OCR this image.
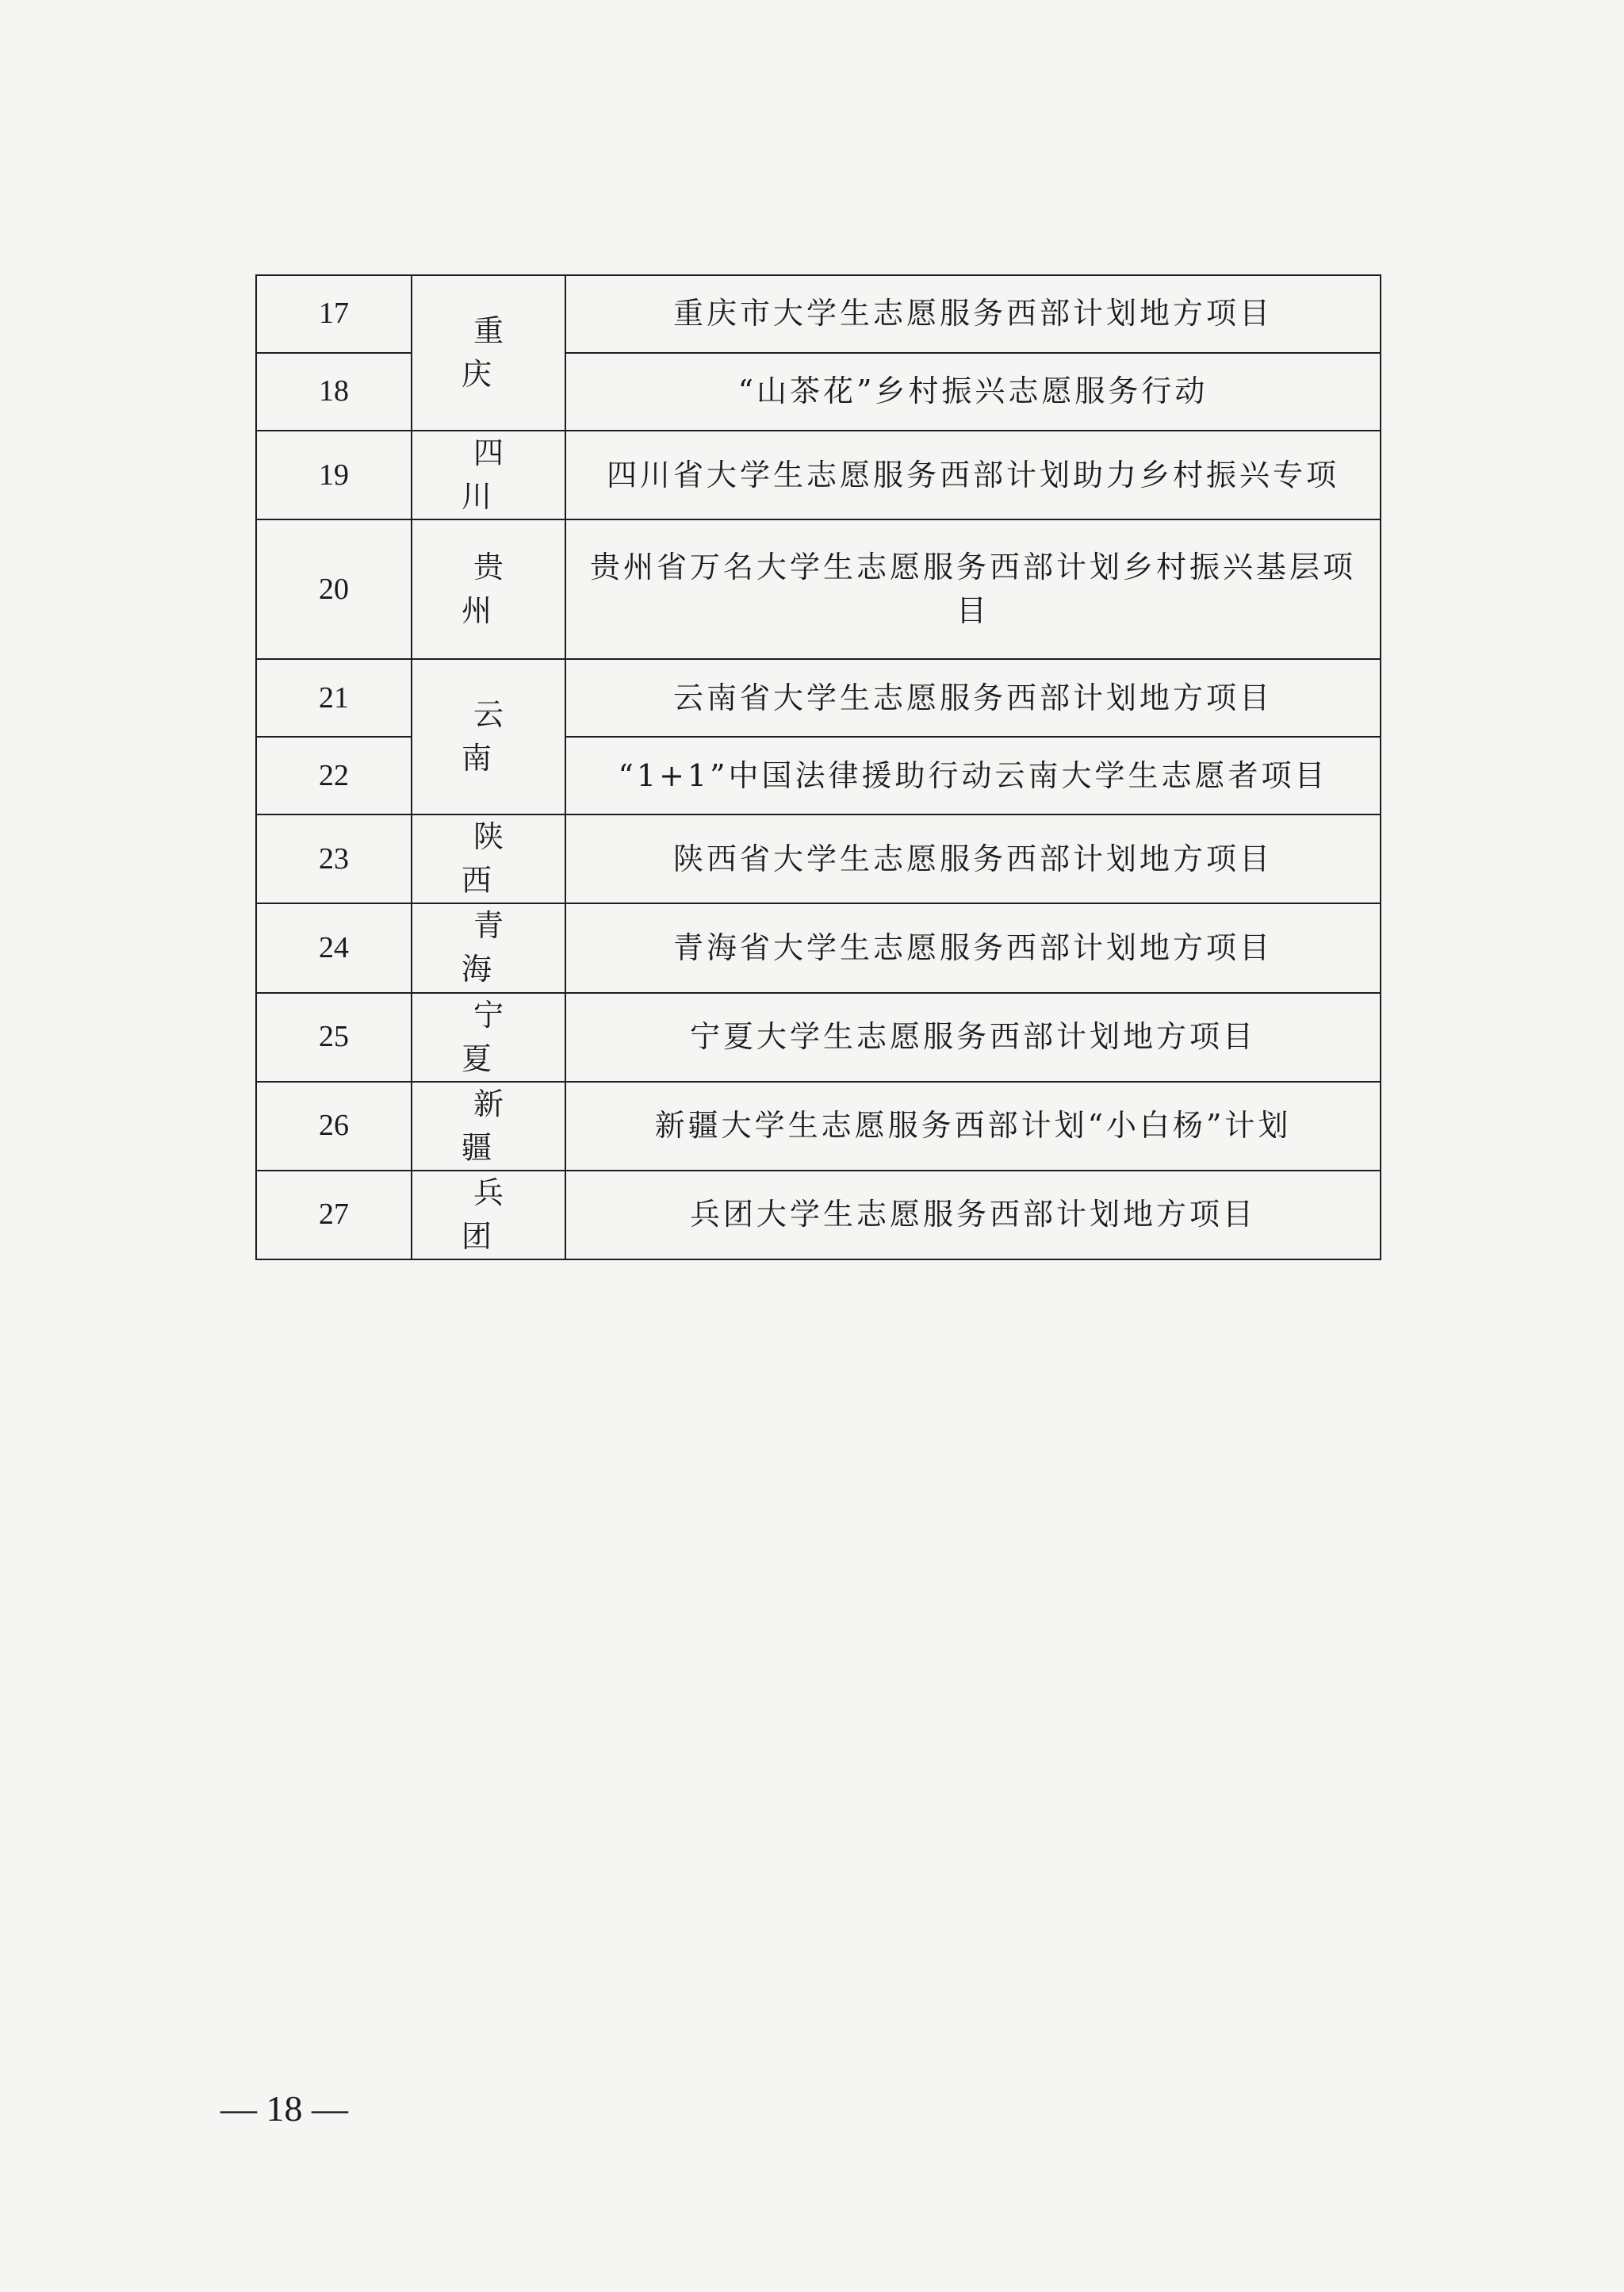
17	重 庆	重庆市大学生志愿服务西部计划地方项目
18		“山茶花”乡村振兴志愿服务行动
19	四 川	四川省大学生志愿服务西部计划助力乡村振兴专项
20	贵 州	贵州省万名大学生志愿服务西部计划乡村振兴基层项目
21	云 南	云南省大学生志愿服务西部计划地方项目
22		“1+1”中国法律援助行动云南大学生志愿者项目
23	陕 西	陕西省大学生志愿服务西部计划地方项目
24	青 海	青海省大学生志愿服务西部计划地方项目
25	宁 夏	宁夏大学生志愿服务西部计划地方项目
26	新 疆	新疆大学生志愿服务西部计划“小白杨”计划
27	兵 团	兵团大学生志愿服务西部计划地方项目
— 18 —
